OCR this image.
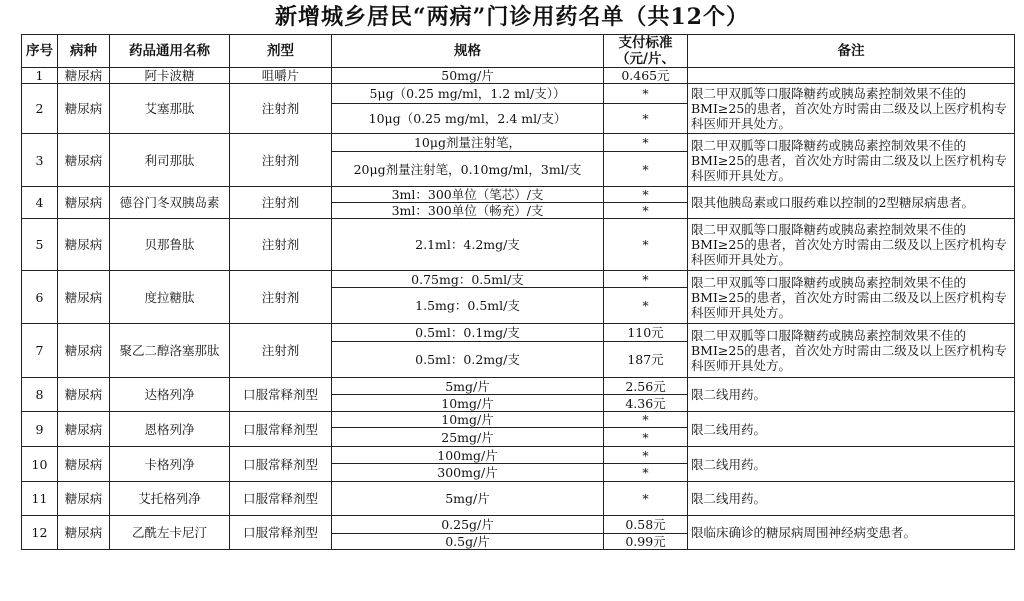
新增城乡居民“两病”门诊用药名单（共12个）
序号	病种	药品通用名称	剂型	规格	支付标准（元/片、	备注
1	糖尿病	阿卡波糖	咀嚼片	50mg/片	0.465元	
2	糖尿病	艾塞那肽	注射剂	5μg（0.25 mg/ml，1.2 ml/支））	*	限二甲双胍等口服降糖药或胰岛素控制效果不佳的BMI≥25的患者，首次处方时需由二级及以上医疗机构专科医师开具处方。
				10μg（0.25 mg/ml，2.4 ml/支）	*	
3	糖尿病	利司那肽	注射剂	10μg剂量注射笔，	*	限二甲双胍等口服降糖药或胰岛素控制效果不佳的BMI≥25的患者，首次处方时需由二级及以上医疗机构专科医师开具处方。
				20μg剂量注射笔，0.10mg/ml，3ml/支	*	
4	糖尿病	德谷门冬双胰岛素	注射剂	3ml：300单位（笔芯）/支	*	限其他胰岛素或口服药难以控制的2型糖尿病患者。
				3ml：300单位（畅充）/支	*	
5	糖尿病	贝那鲁肽	注射剂	2.1ml：4.2mg/支	*	限二甲双胍等口服降糖药或胰岛素控制效果不佳的BMI≥25的患者，首次处方时需由二级及以上医疗机构专科医师开具处方。
6	糖尿病	度拉糖肽	注射剂	0.75mg：0.5ml/支	*	限二甲双胍等口服降糖药或胰岛素控制效果不佳的BMI≥25的患者，首次处方时需由二级及以上医疗机构专科医师开具处方。
				1.5mg：0.5ml/支	*	
7	糖尿病	聚乙二醇洛塞那肽	注射剂	0.5ml：0.1mg/支	110元	限二甲双胍等口服降糖药或胰岛素控制效果不佳的BMI≥25的患者，首次处方时需由二级及以上医疗机构专科医师开具处方。
				0.5ml：0.2mg/支	187元	
8	糖尿病	达格列净	口服常释剂型	5mg/片	2.56元	限二线用药。
				10mg/片	4.36元	
9	糖尿病	恩格列净	口服常释剂型	10mg/片	*	限二线用药。
				25mg/片	*	
10	糖尿病	卡格列净	口服常释剂型	100mg/片	*	限二线用药。
				300mg/片	*	
11	糖尿病	艾托格列净	口服常释剂型	5mg/片	*	限二线用药。
12	糖尿病	乙酰左卡尼汀	口服常释剂型	0.25g/片	0.58元	限临床确诊的糖尿病周围神经病变患者。
				0.5g/片	0.99元	
